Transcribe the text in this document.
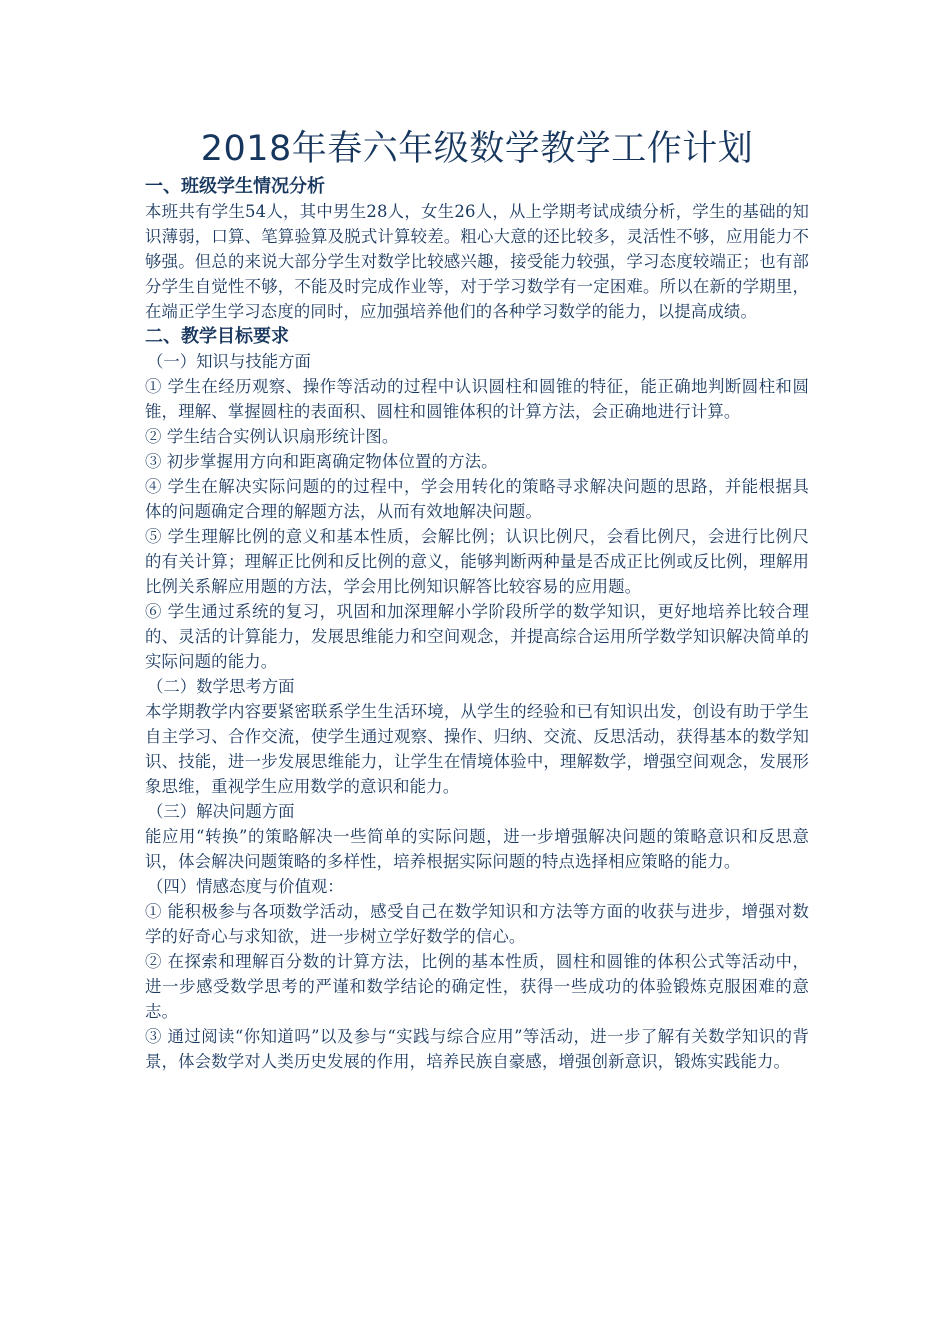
2018年春六年级数学教学工作计划
一、班级学生情况分析

本班共有学生54人，其中男生28人，女生26人，从上学期考试成绩分析，学生的基础的知识薄弱，口算、笔算验算及脱式计算较差。粗心大意的还比较多，灵活性不够，应用能力不够强。但总的来说大部分学生对数学比较感兴趣，接受能力较强，学习态度较端正；也有部分学生自觉性不够，不能及时完成作业等，对于学习数学有一定困难。所以在新的学期里，在端正学生学习态度的同时，应加强培养他们的各种学习数学的能力，以提高成绩。

二、教学目标要求

（一）知识与技能方面

① 学生在经历观察、操作等活动的过程中认识圆柱和圆锥的特征，能正确地判断圆柱和圆锥，理解、掌握圆柱的表面积、圆柱和圆锥体积的计算方法，会正确地进行计算。

② 学生结合实例认识扇形统计图。

③ 初步掌握用方向和距离确定物体位置的方法。

④ 学生在解决实际问题的的过程中，学会用转化的策略寻求解决问题的思路，并能根据具体的问题确定合理的解题方法，从而有效地解决问题。

⑤ 学生理解比例的意义和基本性质，会解比例；认识比例尺，会看比例尺，会进行比例尺的有关计算；理解正比例和反比例的意义，能够判断两种量是否成正比例或反比例，理解用比例关系解应用题的方法，学会用比例知识解答比较容易的应用题。

⑥ 学生通过系统的复习，巩固和加深理解小学阶段所学的数学知识，更好地培养比较合理的、灵活的计算能力，发展思维能力和空间观念，并提高综合运用所学数学知识解决简单的实际问题的能力。

（二）数学思考方面

本学期教学内容要紧密联系学生生活环境，从学生的经验和已有知识出发，创设有助于学生自主学习、合作交流，使学生通过观察、操作、归纳、交流、反思活动，获得基本的数学知识、技能，进一步发展思维能力，让学生在情境体验中，理解数学，增强空间观念，发展形象思维，重视学生应用数学的意识和能力。

（三）解决问题方面

能应用“转换”的策略解决一些简单的实际问题，进一步增强解决问题的策略意识和反思意识，体会解决问题策略的多样性，培养根据实际问题的特点选择相应策略的能力。

（四）情感态度与价值观：

① 能积极参与各项数学活动，感受自己在数学知识和方法等方面的收获与进步，增强对数学的好奇心与求知欲，进一步树立学好数学的信心。

② 在探索和理解百分数的计算方法，比例的基本性质，圆柱和圆锥的体积公式等活动中，进一步感受数学思考的严谨和数学结论的确定性，获得一些成功的体验锻炼克服困难的意志。

③ 通过阅读“你知道吗”以及参与“实践与综合应用”等活动，进一步了解有关数学知识的背景，体会数学对人类历史发展的作用，培养民族自豪感，增强创新意识，锻炼实践能力。
